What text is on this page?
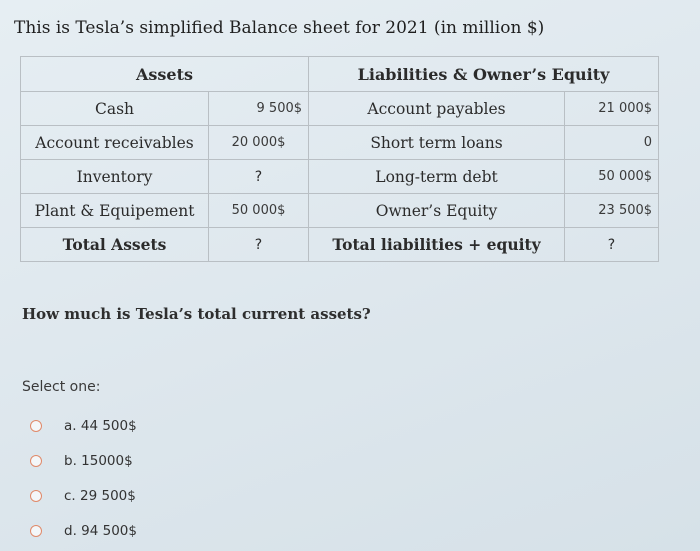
This is Tesla’s simplified Balance sheet for 2021 (in million $)
Assets		Liabilities & Owner’s Equity	
Cash	9 500$	Account payables	21 000$
Account receivables	20 000$	Short term loans	0
Inventory	?	Long-term debt	50 000$
Plant & Equipement	50 000$	Owner’s Equity	23 500$
Total Assets	?	Total liabilities + equity	?
How much is Tesla’s total current assets?
Select one:
a. 44 500$
b. 15000$
c. 29 500$
d. 94 500$
